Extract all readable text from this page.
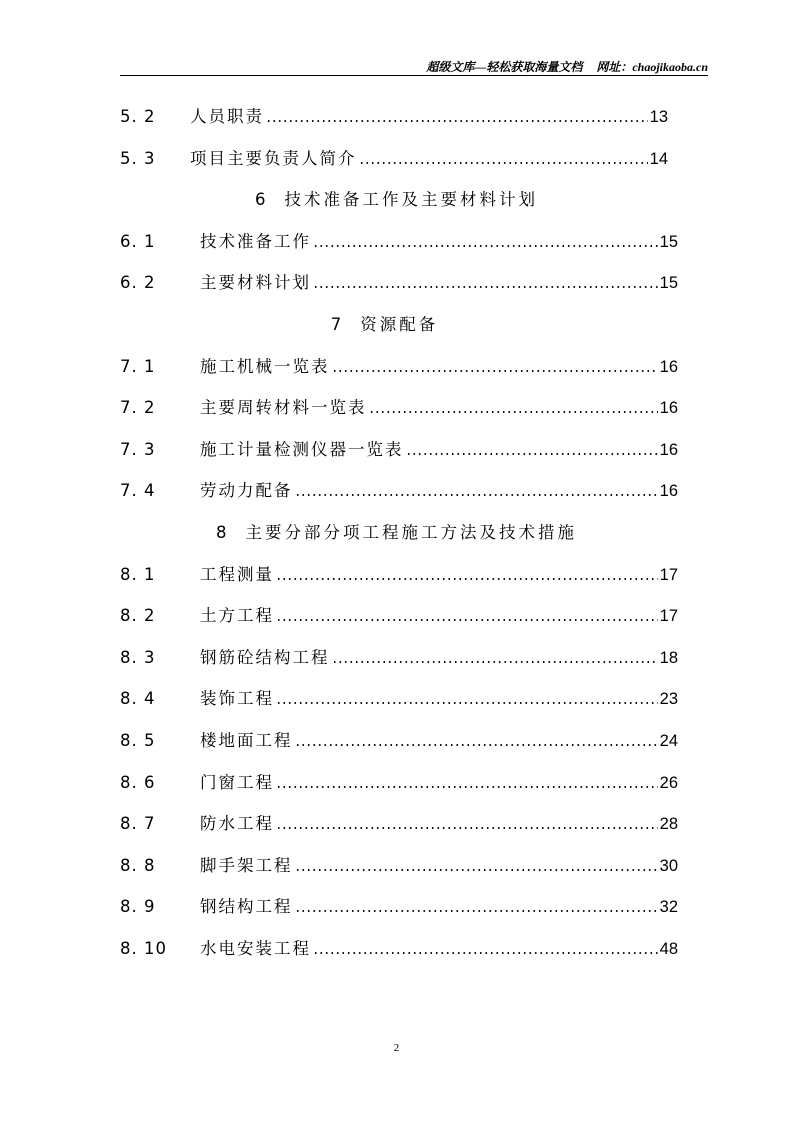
超级文库—轻松获取海量文档 网址：chaojikaoba.cn
5. 2	人员职责	13
5. 3	项目主要负责人简介	14
6 技术准备工作及主要材料计划
6. 1	技术准备工作	15
6. 2	主要材料计划	15
7 资源配备
7. 1	施工机械一览表	16
7. 2	主要周转材料一览表	16
7. 3	施工计量检测仪器一览表	16
7. 4	劳动力配备	16
8 主要分部分项工程施工方法及技术措施
8. 1	工程测量	17
8. 2	土方工程	17
8. 3	钢筋砼结构工程	18
8. 4	装饰工程	23
8. 5	楼地面工程	24
8. 6	门窗工程	26
8. 7	防水工程	28
8. 8	脚手架工程	30
8. 9	钢结构工程	32
8. 10	水电安装工程	48
2
